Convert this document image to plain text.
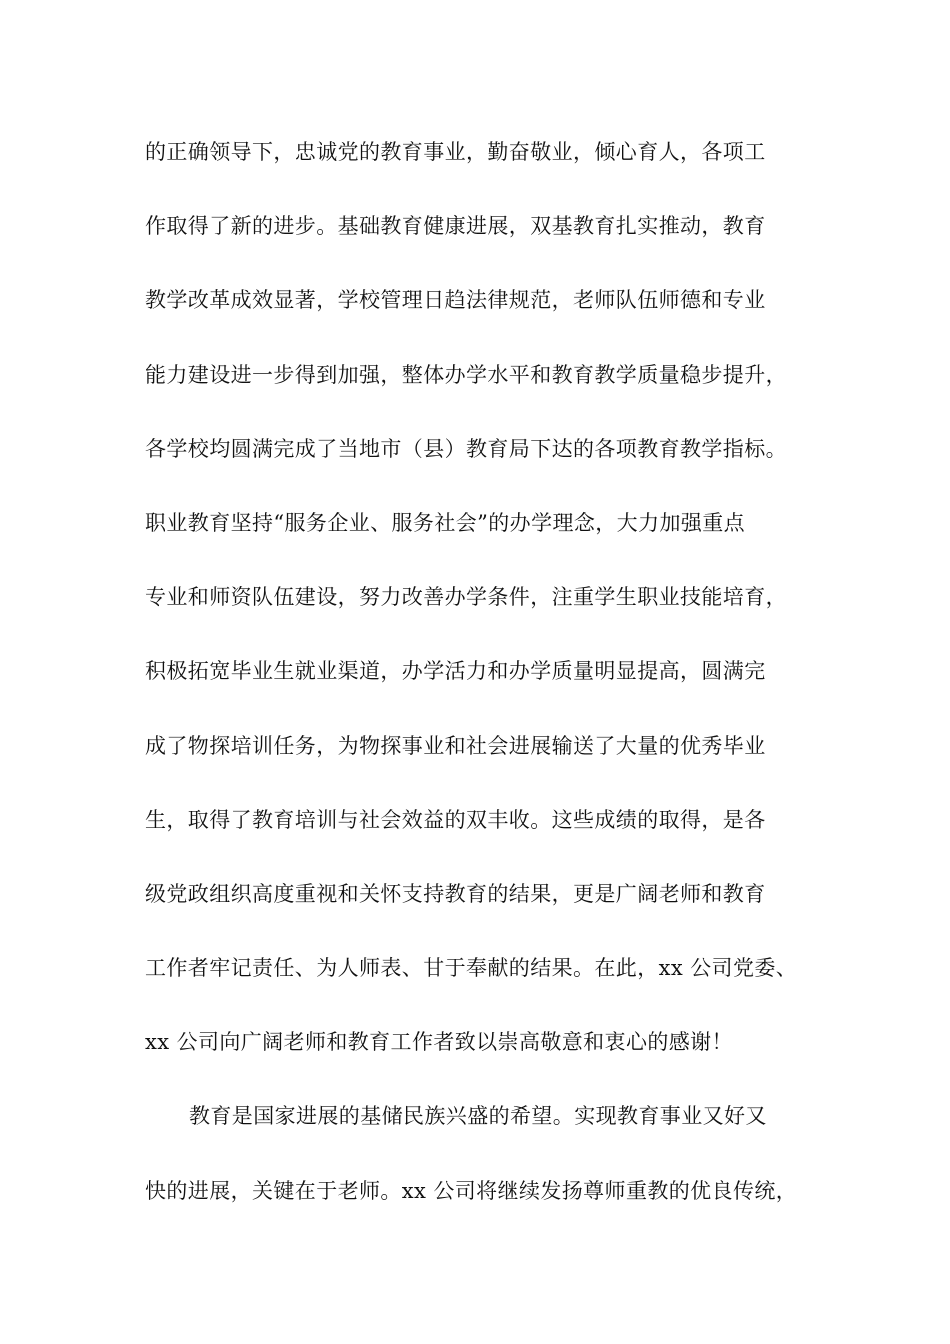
的正确领导下，忠诚党的教育事业，勤奋敬业，倾心育人，各项工
作取得了新的进步。基础教育健康进展，双基教育扎实推动，教育
教学改革成效显著，学校管理日趋法律规范，老师队伍师德和专业
能力建设进一步得到加强，整体办学水平和教育教学质量稳步提升，
各学校均圆满完成了当地市（县）教育局下达的各项教育教学指标。
职业教育坚持“服务企业、服务社会”的办学理念，大力加强重点
专业和师资队伍建设，努力改善办学条件，注重学生职业技能培育，
积极拓宽毕业生就业渠道，办学活力和办学质量明显提高，圆满完
成了物探培训任务，为物探事业和社会进展输送了大量的优秀毕业
生，取得了教育培训与社会效益的双丰收。这些成绩的取得，是各
级党政组织高度重视和关怀支持教育的结果，更是广阔老师和教育
工作者牢记责任、为人师表、甘于奉献的结果。在此，xx 公司党委、
xx 公司向广阔老师和教育工作者致以崇高敬意和衷心的感谢！
教育是国家进展的基储民族兴盛的希望。实现教育事业又好又
快的进展，关键在于老师。xx 公司将继续发扬尊师重教的优良传统，
